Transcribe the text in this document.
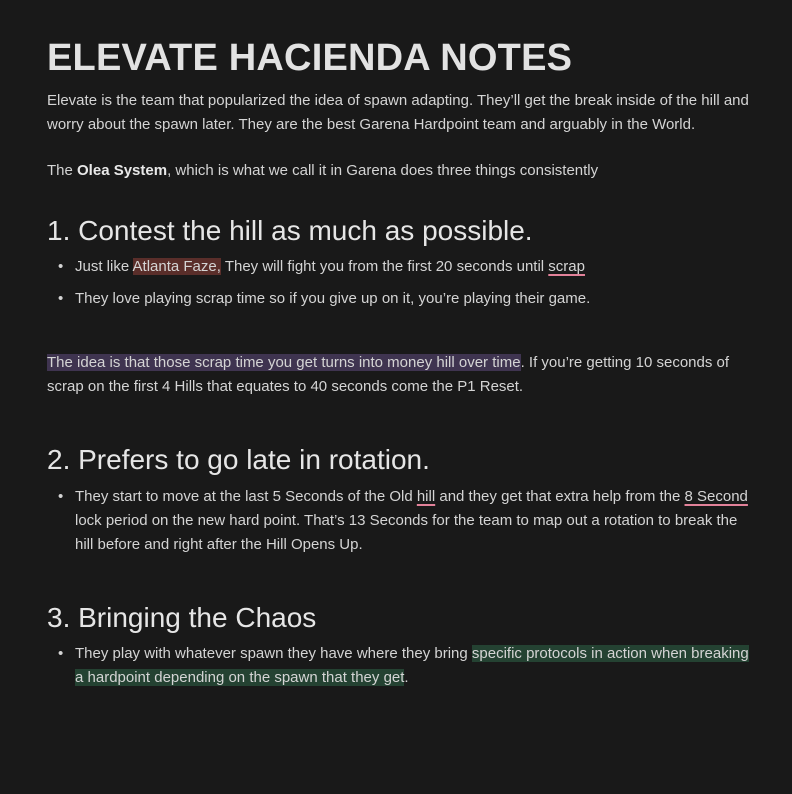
ELEVATE HACIENDA NOTES

Elevate is the team that popularized the idea of spawn adapting. They’ll get the break inside of the hill and worry about the spawn later. They are the best Garena Hardpoint team and arguably in the World.

The Olea System, which is what we call it in Garena does three things consistently

1. Contest the hill as much as possible.
• Just like Atlanta Faze, They will fight you from the first 20 seconds until scrap
• They love playing scrap time so if you give up on it, you’re playing their game.

The idea is that those scrap time you get turns into money hill over time. If you’re getting 10 seconds of scrap on the first 4 Hills that equates to 40 seconds come the P1 Reset.

2. Prefers to go late in rotation.
• They start to move at the last 5 Seconds of the Old hill and they get that extra help from the 8 Second lock period on the new hard point. That’s 13 Seconds for the team to map out a rotation to break the hill before and right after the Hill Opens Up.
3. Bringing the Chaos
• They play with whatever spawn they have where they bring specific protocols in action when breaking a hardpoint depending on the spawn that they get.
